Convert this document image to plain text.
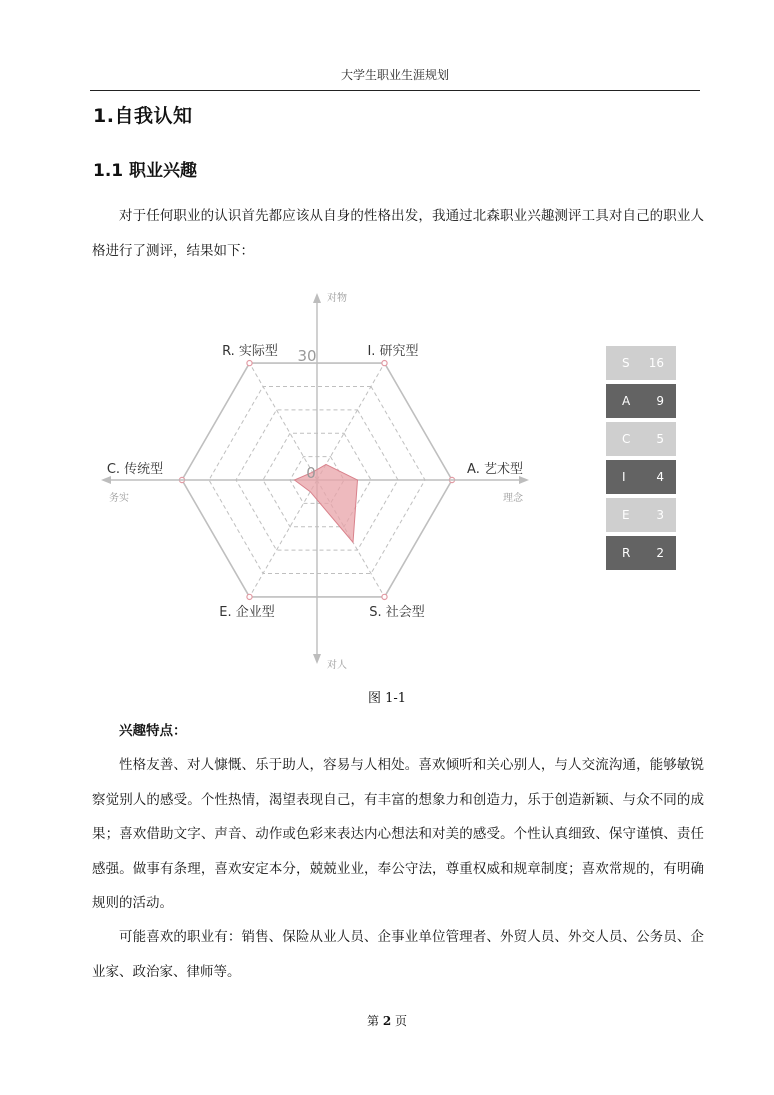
大学生职业生涯规划
1.自我认知
1.1 职业兴趣

对于任何职业的认识首先都应该从自身的性格出发，我通过北森职业兴趣测评工具对自己的职业人格进行了测评，结果如下：

I. 研究型
A. 艺术型
S. 社会型
E. 企业型
C. 传统型
R. 实际型 30
0
对物
对人
务实	理念
S	16
A	9
C	5
I	4
E	3
R	2
图 1-1

兴趣特点：

性格友善、对人慷慨、乐于助人，容易与人相处。喜欢倾听和关心别人，与人交流沟通，能够敏锐察觉别人的感受。个性热情，渴望表现自己，有丰富的想象力和创造力，乐于创造新颖、与众不同的成果；喜欢借助文字、声音、动作或色彩来表达内心想法和对美的感受。个性认真细致、保守谨慎、责任感强。做事有条理，喜欢安定本分，兢兢业业，奉公守法，尊重权威和规章制度；喜欢常规的，有明确规则的活动。

可能喜欢的职业有：销售、保险从业人员、企事业单位管理者、外贸人员、外交人员、公务员、企业家、政治家、律师等。

第 2 页
